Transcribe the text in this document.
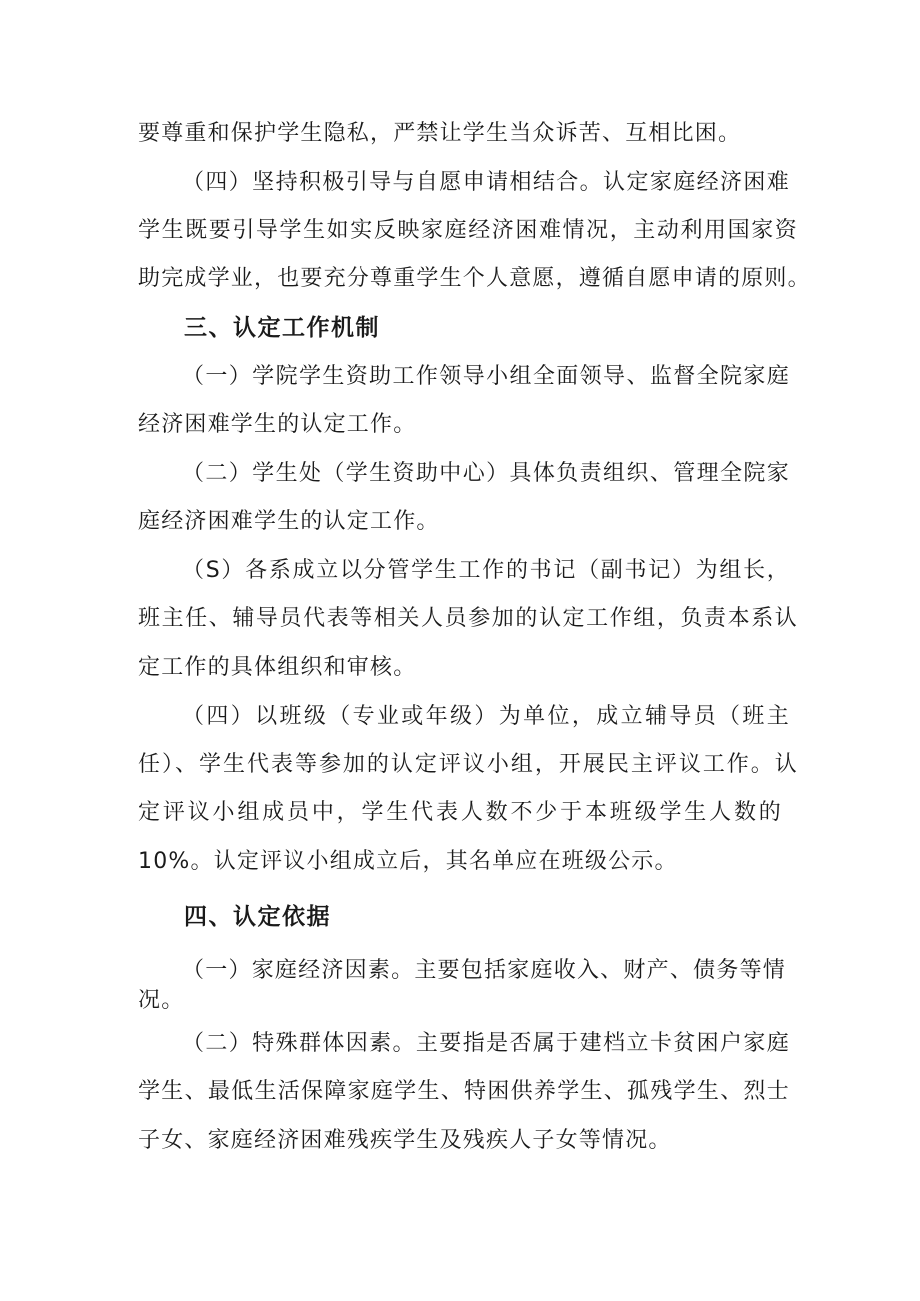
要尊重和保护学生隐私，严禁让学生当众诉苦、互相比困。
（四）坚持积极引导与自愿申请相结合。认定家庭经济困难
学生既要引导学生如实反映家庭经济困难情况，主动利用国家资
助完成学业，也要充分尊重学生个人意愿，遵循自愿申请的原则。
三、认定工作机制
（一）学院学生资助工作领导小组全面领导、监督全院家庭
经济困难学生的认定工作。
（二）学生处（学生资助中心）具体负责组织、管理全院家
庭经济困难学生的认定工作。
（S）各系成立以分管学生工作的书记（副书记）为组长，
班主任、辅导员代表等相关人员参加的认定工作组，负责本系认
定工作的具体组织和审核。
（四）以班级（专业或年级）为单位，成立辅导员（班主
任）、学生代表等参加的认定评议小组，开展民主评议工作。认
定评议小组成员中，学生代表人数不少于本班级学生人数的
10%。认定评议小组成立后，其名单应在班级公示。
四、认定依据
（一）家庭经济因素。主要包括家庭收入、财产、债务等情
况。
（二）特殊群体因素。主要指是否属于建档立卡贫困户家庭
学生、最低生活保障家庭学生、特困供养学生、孤残学生、烈士
子女、家庭经济困难残疾学生及残疾人子女等情况。
